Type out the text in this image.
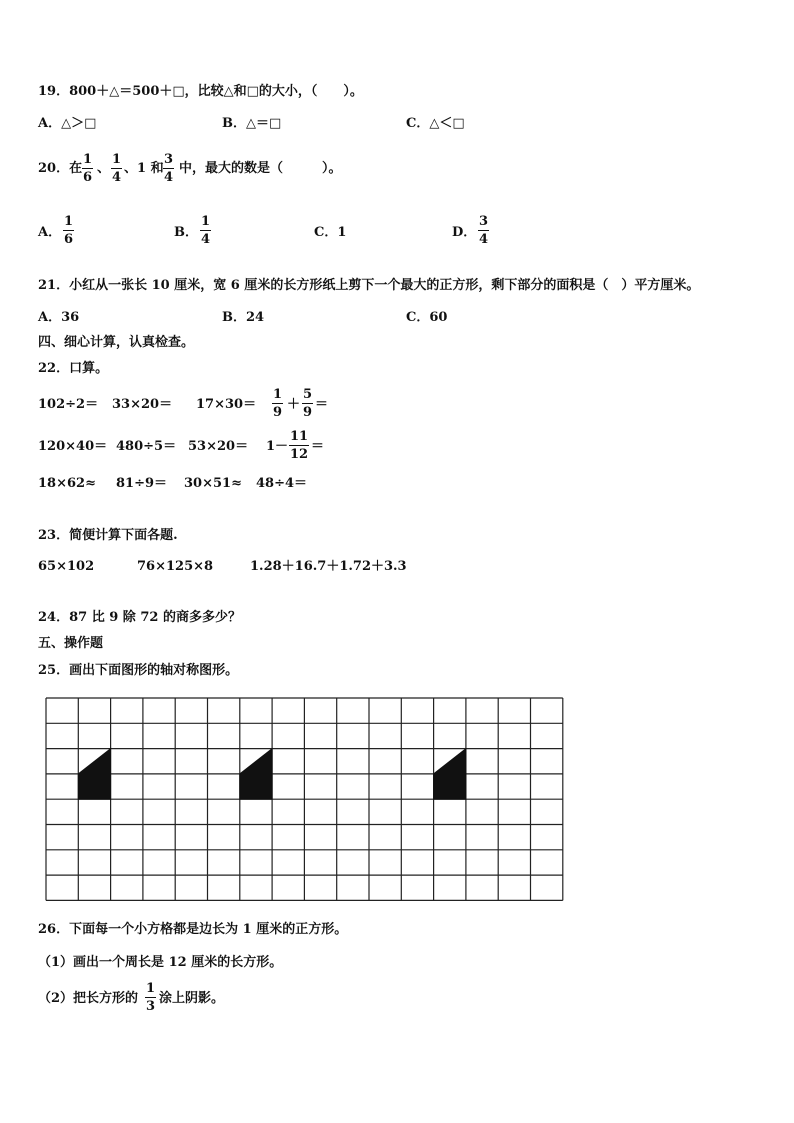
19．800＋△＝500＋□，比较△和□的大小，（　　）。
A．△＞□	B．△＝□	C．△＜□
20．在
1
6
、
1
4
、1 和
3
4
中，最大的数是（　　　）。
A．
1
6	B．
1
4	C．1	D．
3
4
21．小红从一张长 10 厘米，宽 6 厘米的长方形纸上剪下一个最大的正方形，剩下部分的面积是（　）平方厘米。
A．36	B．24	C．60
四、细心计算，认真检查。
22．口算。
102÷2＝ 33×20＝ 17×30＝
1
9
＋
5
9
＝
120×40＝ 480÷5＝ 53×20＝ 1－
11
12
＝
18×62≈ 81÷9＝ 30×51≈ 48÷4＝
23．简便计算下面各题.
65×102	76×125×8	1.28＋16.7＋1.72＋3.3
24．87 比 9 除 72 的商多多少？
五、操作题
25．画出下面图形的轴对称图形。
26．下面每一个小方格都是边长为 1 厘米的正方形。
（1）画出一个周长是 12 厘米的长方形。
（2）把长方形的
1
3
涂上阴影。
